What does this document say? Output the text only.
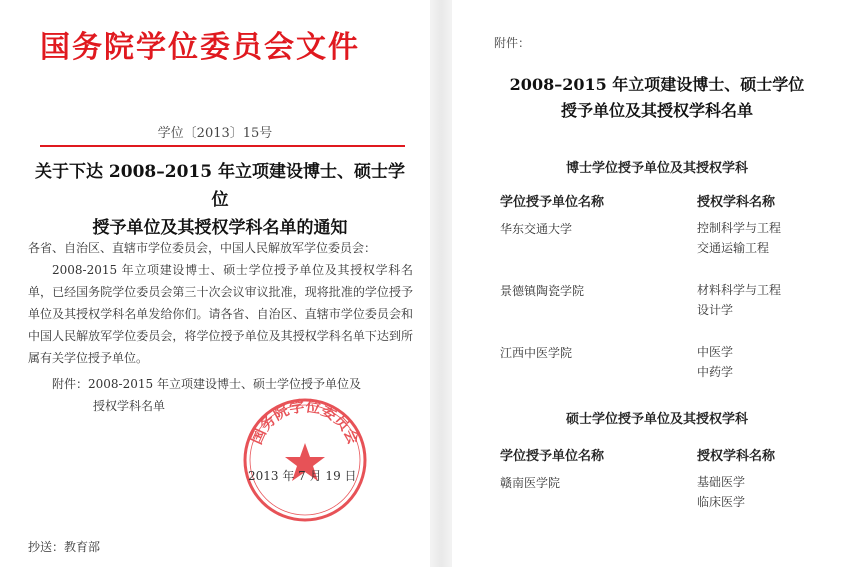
国务院学位委员会文件
学位〔2013〕15号
关于下达 2008–2015 年立项建设博士、硕士学位
授予单位及其授权学科名单的通知
各省、自治区、直辖市学位委员会，中国人民解放军学位委员会：
2008-2015 年立项建设博士、硕士学位授予单位及其授权学科名单，已经国务院学位委员会第三十次会议审议批准，现将批准的学位授予单位及其授权学科名单发给你们。请各省、自治区、直辖市学位委员会和中国人民解放军学位委员会，将学位授予单位及其授权学科名单下达到所属有关学位授予单位。
附件：2008-2015 年立项建设博士、硕士学位授予单位及
授权学科名单
国务院学位委员会
2013 年 7 月 19 日
抄送：教育部
附件：
2008–2015 年立项建设博士、硕士学位
授予单位及其授权学科名单
博士学位授予单位及其授权学科
学位授予单位名称	授权学科名称
华东交通大学	控制科学与工程
交通运输工程
景德镇陶瓷学院	材料科学与工程
设计学
江西中医学院	中医学
中药学
硕士学位授予单位及其授权学科
学位授予单位名称	授权学科名称
赣南医学院	基础医学
临床医学
